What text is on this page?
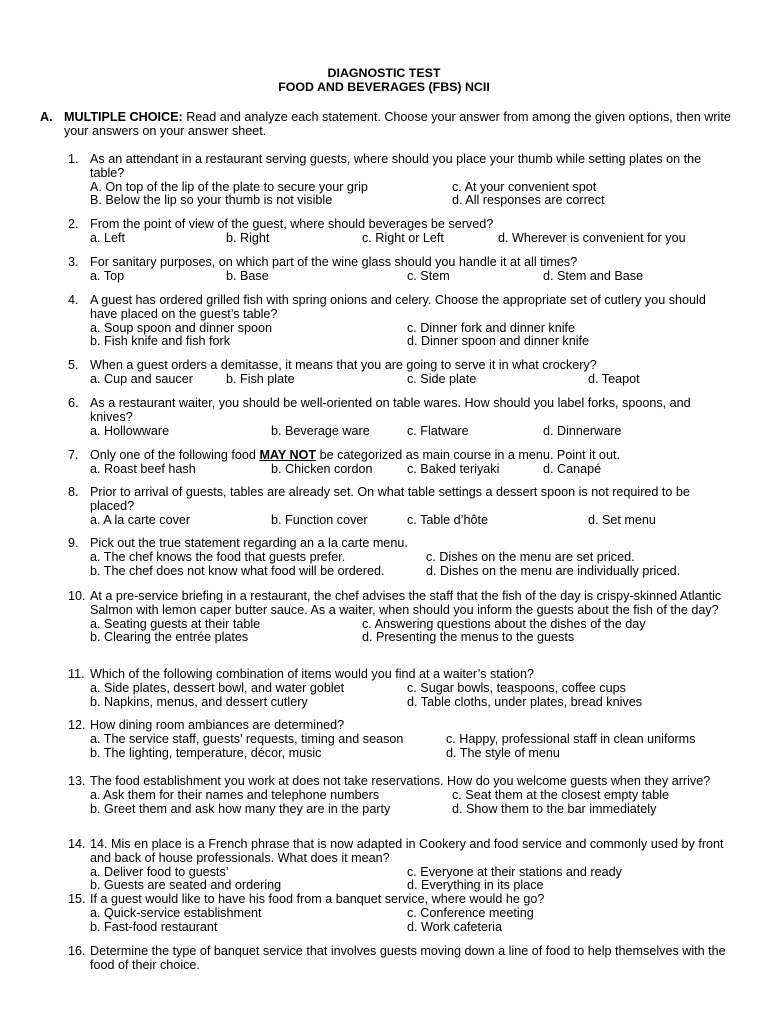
DIAGNOSTIC TEST
FOOD AND BEVERAGES (FBS) NCII
A. MULTIPLE CHOICE: Read and analyze each statement. Choose your answer from among the given options, then write your answers on your answer sheet.
1. As an attendant in a restaurant serving guests, where should you place your thumb while setting plates on the table?
A. On top of the lip of the plate to secure your grip	c. At your convenient spot
B. Below the lip so your thumb is not visible	d. All responses are correct
2. From the point of view of the guest, where should beverages be served?
a. Left	b. Right	c. Right or Left	d. Wherever is convenient for you
3. For sanitary purposes, on which part of the wine glass should you handle it at all times?
a. Top	b. Base	c. Stem	d. Stem and Base
4. A guest has ordered grilled fish with spring onions and celery. Choose the appropriate set of cutlery you should have placed on the guest’s table?
a. Soup spoon and dinner spoon	c. Dinner fork and dinner knife
b. Fish knife and fish fork	d. Dinner spoon and dinner knife
5. When a guest orders a demitasse, it means that you are going to serve it in what crockery?
a. Cup and saucer	b. Fish plate	c. Side plate	d. Teapot
6. As a restaurant waiter, you should be well-oriented on table wares. How should you label forks, spoons, and knives?
a. Hollowware	b. Beverage ware	c. Flatware	d. Dinnerware
7. Only one of the following food MAY NOT be categorized as main course in a menu. Point it out.
a. Roast beef hash	b. Chicken cordon	c. Baked teriyaki	d. Canapé
8. Prior to arrival of guests, tables are already set. On what table settings a dessert spoon is not required to be placed?
a. A la carte cover	b. Function cover	c. Table d’hôte	d. Set menu
9. Pick out the true statement regarding an a la carte menu.
a. The chef knows the food that guests prefer.	c. Dishes on the menu are set priced.
b. The chef does not know what food will be ordered.	d. Dishes on the menu are individually priced.
10. At a pre-service briefing in a restaurant, the chef advises the staff that the fish of the day is crispy-skinned Atlantic Salmon with lemon caper butter sauce. As a waiter, when should you inform the guests about the fish of the day?
a. Seating guests at their table	c. Answering questions about the dishes of the day
b. Clearing the entrée plates	d. Presenting the menus to the guests
11. Which of the following combination of items would you find at a waiter’s station?
a. Side plates, dessert bowl, and water goblet	c. Sugar bowls, teaspoons, coffee cups
b. Napkins, menus, and dessert cutlery	d. Table cloths, under plates, bread knives
12. How dining room ambiances are determined?
a. The service staff, guests’ requests, timing and season	c. Happy, professional staff in clean uniforms
b. The lighting, temperature, décor, music	d. The style of menu
13. The food establishment you work at does not take reservations. How do you welcome guests when they arrive?
a. Ask them for their names and telephone numbers	c. Seat them at the closest empty table
b. Greet them and ask how many they are in the party	d. Show them to the bar immediately
14. 14. Mis en place is a French phrase that is now adapted in Cookery and food service and commonly used by front and back of house professionals. What does it mean?
a. Deliver food to guests’	c. Everyone at their stations and ready
b. Guests are seated and ordering	d. Everything in its place
15. If a guest would like to have his food from a banquet service, where would he go?
a. Quick-service establishment	c. Conference meeting
b. Fast-food restaurant	d. Work cafeteria
16. Determine the type of banquet service that involves guests moving down a line of food to help themselves with the food of their choice.
